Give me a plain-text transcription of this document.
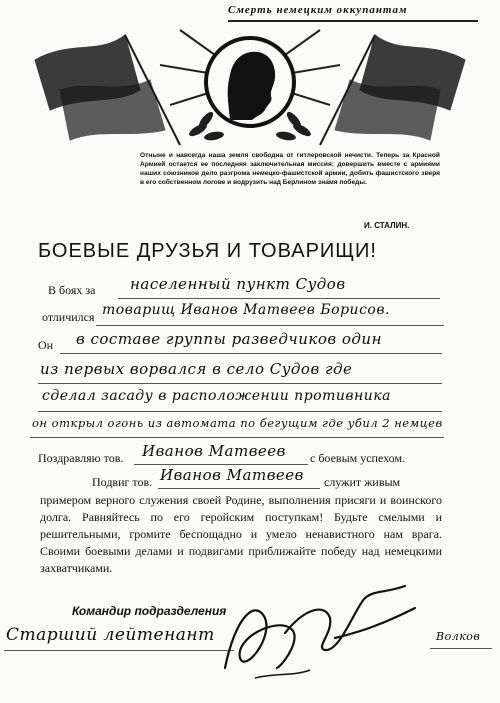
Смерть немецким оккупантам
Отныне и навсегда наша земля свободна от гитлеровской нечисти. Теперь за Красной Армией остается ее последняя заключительная миссия: довершить вместе с армиями наших союзников дело разгрома немецко-фашистской армии, добить фашистского зверя в его собственном логове и водрузить над Берлином знамя победы.
И. СТАЛИН.
БОЕВЫЕ ДРУЗЬЯ И ТОВАРИЩИ!
В боях за населенный пункт Судов
отличился товарищ Иванов Матвеев Борисов.
Он в составе группы разведчиков один
из первых ворвался в село Судов где
сделал засаду в расположении противника
он открыл огонь из автомата по бегущим где убил 2 немцев
Поздравляю тов. Иванов Матвеев с боевым успехом.
Подвиг тов. Иванов Матвеев служит живым
примером верного служения своей Родине, выполнения присяги и воинского долга. Равняйтесь по его геройским поступкам! Будьте смелыми и решительными, громите беспощадно и умело ненавистного нам врага. Своими боевыми делами и подвигами приближайте победу над немецкими захватчиками.
Командир подразделения
Старший лейтенант	Волков
